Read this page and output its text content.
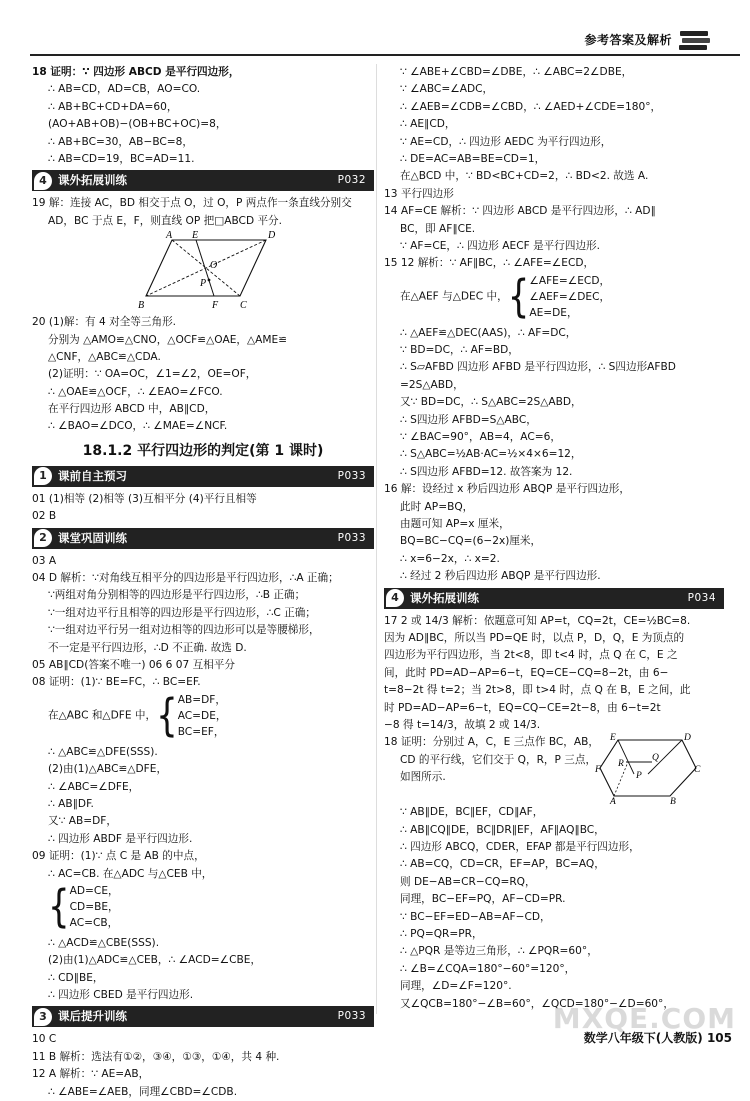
参考答案及解析
18 证明：∵ 四边形 ABCD 是平行四边形，
∴ AB=CD，AD=CB，AO=CO.
∴ AB+BC+CD+DA=60，
(AO+AB+OB)−(OB+BC+OC)=8，
∴ AB+BC=30，AB−BC=8，
∴ AB=CD=19，BC=AD=11.
4 课外拓展训练	P032
19 解：连接 AC，BD 相交于点 O，过 O，P 两点作一条直线分别交
AD，BC 于点 E，F，则直线 OP 把□ABCD 平分.
A E	D
O
P
B	F C
20 (1)解：有 4 对全等三角形.
分别为 △AMO≌△CNO，△OCF≌△OAE，△AME≌
△CNF，△ABC≌△CDA.
(2)证明：∵ OA=OC，∠1=∠2，OE=OF，
∴ △OAE≌△OCF，∴ ∠EAO=∠FCO.
在平行四边形 ABCD 中，AB∥CD，
∴ ∠BAO=∠DCO，∴ ∠MAE=∠NCF.
18.1.2 平行四边形的判定(第 1 课时)
1 课前自主预习	P033
01 (1)相等 (2)相等 (3)互相平分 (4)平行且相等
02 B
2 课堂巩固训练	P033
03 A
04 D 解析：∵对角线互相平分的四边形是平行四边形，∴A 正确；
∵两组对角分别相等的四边形是平行四边形，∴B 正确；
∵一组对边平行且相等的四边形是平行四边形，∴C 正确；
∵一组对边平行另一组对边相等的四边形可以是等腰梯形，
不一定是平行四边形，∴D 不正确. 故选 D.
05 AB∥CD(答案不唯一) 06 6 07 互相平分
08 证明：(1)∵ BE=FC，∴ BC=EF.
在△ABC 和△DFE 中，{ AB=DF，
AC=DE，
BC=EF，
∴ △ABC≌△DFE(SSS).
(2)由(1)△ABC≌△DFE，
∴ ∠ABC=∠DFE，
∴ AB∥DF.
又∵ AB=DF，
∴ 四边形 ABDF 是平行四边形.
09 证明：(1)∵ 点 C 是 AB 的中点，
∴ AC=CB. 在△ADC 与△CEB 中，
{ AD=CE，
CD=BE，
AC=CB，
∴ △ACD≌△CBE(SSS).
(2)由(1)△ADC≌△CEB，∴ ∠ACD=∠CBE，
∴ CD∥BE，
∴ 四边形 CBED 是平行四边形.
3 课后提升训练	P033
10 C
11 B 解析：选法有①②，③④，①③，①④，共 4 种.
12 A 解析：∵ AE=AB，
∴ ∠ABE=∠AEB，同理∠CBD=∠CDB.
∵ ∠ABE+∠CBD=∠DBE，∴ ∠ABC=2∠DBE，
∵ ∠ABC=∠ADC，
∴ ∠AEB=∠CDB=∠CBD，∴ ∠AED+∠CDE=180°，
∴ AE∥CD，
∵ AE=CD，∴ 四边形 AEDC 为平行四边形，
∴ DE=AC=AB=BE=CD=1，
在△BCD 中，∵ BD<BC+CD=2，∴ BD<2. 故选 A.
13 平行四边形
14 AF=CE 解析：∵ 四边形 ABCD 是平行四边形，∴ AD∥
BC，即 AF∥CE.
∵ AF=CE，∴ 四边形 AECF 是平行四边形.
15 12 解析：∵ AF∥BC，∴ ∠AFE=∠ECD，
在△AEF 与△DEC 中，{ ∠AFE=∠ECD，
∠AEF=∠DEC，
AE=DE，
∴ △AEF≌△DEC(AAS)，∴ AF=DC，
∵ BD=DC，∴ AF=BD，
∴ S▱AFBD 四边形 AFBD 是平行四边形，∴ S四边形AFBD
=2S△ABD，
又∵ BD=DC，∴ S△ABC=2S△ABD，
∴ S四边形 AFBD=S△ABC，
∵ ∠BAC=90°，AB=4，AC=6，
∴ S△ABC=½AB·AC=½×4×6=12，
∴ S四边形 AFBD=12. 故答案为 12.
16 解：设经过 x 秒后四边形 ABQP 是平行四边形，
此时 AP=BQ，
由题可知 AP=x 厘米，
BQ=BC−CQ=(6−2x)厘米，
∴ x=6−2x，∴ x=2.
∴ 经过 2 秒后四边形 ABQP 是平行四边形.
4 课外拓展训练	P034
17 2 或 14/3 解析：依题意可知 AP=t，CQ=2t，CE=½BC=8.
因为 AD∥BC，所以当 PD=QE 时，以点 P，D，Q，E 为顶点的
四边形为平行四边形，当 2t<8，即 t<4 时，点 Q 在 C，E 之
间，此时 PD=AD−AP=6−t，EQ=CE−CQ=8−2t，由 6−
t=8−2t 得 t=2；当 2t>8，即 t>4 时，点 Q 在 B，E 之间，此
时 PD=AD−AP=6−t，EQ=CQ−CE=2t−8，由 6−t=2t
−8 得 t=14/3，故填 2 或 14/3.
18 证明：分别过 A，C，E 三点作 BC，AB，
CD 的平行线，它们交于 Q，R，P 三点，
如图所示.
E	D
F
R
Q
P
C
A	B
∵ AB∥DE，BC∥EF，CD∥AF，
∴ AB∥CQ∥DE，BC∥DR∥EF，AF∥AQ∥BC，
∴ 四边形 ABCQ，CDER，EFAP 都是平行四边形，
∴ AB=CQ，CD=CR，EF=AP，BC=AQ，
则 DE−AB=CR−CQ=RQ，
同理，BC−EF=PQ，AF−CD=PR.
∵ BC−EF=ED−AB=AF−CD，
∴ PQ=QR=PR，
∴ △PQR 是等边三角形，∴ ∠PQR=60°，
∴ ∠B=∠CQA=180°−60°=120°，
同理，∠D=∠F=120°.
又∠QCB=180°−∠B=60°，∠QCD=180°−∠D=60°，
MXQE.COM
数学八年级下(人教版) 105
